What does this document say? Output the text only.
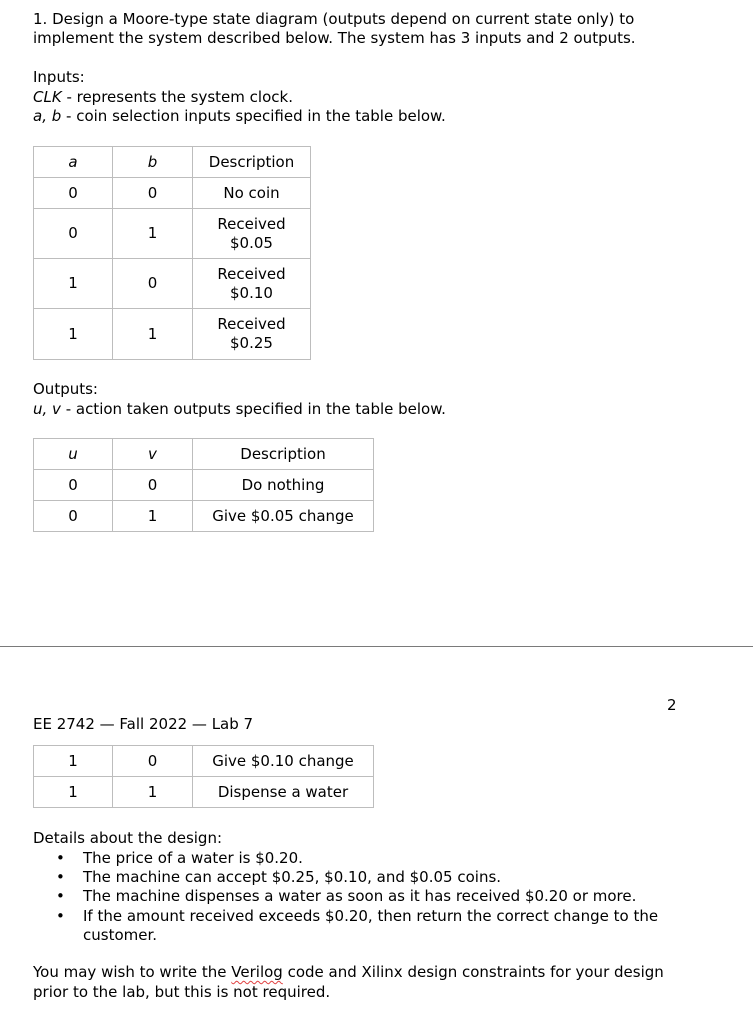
1. Design a Moore-type state diagram (outputs depend on current state only) to
implement the system described below. The system has 3 inputs and 2 outputs.
Inputs:
CLK - represents the system clock.
a, b - coin selection inputs specified in the table below.
a	b	Description
0	0	No coin
0	1	Received
$0.05

1	0	Received
$0.10

1	1	Received
$0.25
Outputs:
u, v - action taken outputs specified in the table below.
u	v	Description
0	0	Do nothing
0	1	Give $0.05 change
2
EE 2742 — Fall 2022 — Lab 7
1	0	Give $0.10 change
1	1	Dispense a water
Details about the design:
• The price of a water is $0.20.
• The machine can accept $0.25, $0.10, and $0.05 coins.
• The machine dispenses a water as soon as it has received $0.20 or more.
• If the amount received exceeds $0.20, then return the correct change to the customer.
You may wish to write the Verilog code and Xilinx design constraints for your design
prior to the lab, but this is not required.
